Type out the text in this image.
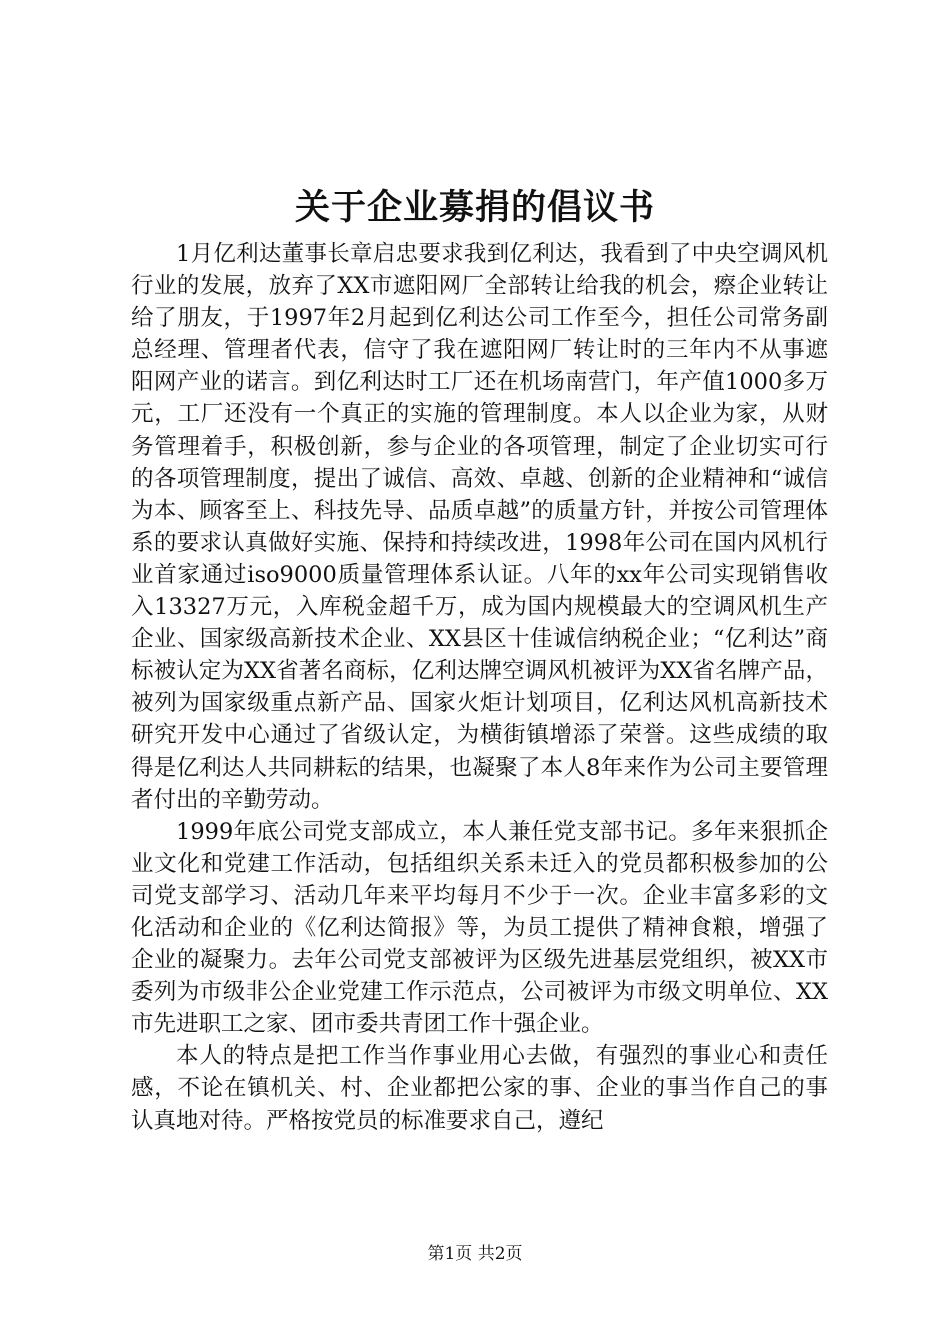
关于企业募捐的倡议书

1月亿利达董事长章启忠要求我到亿利达，我看到了中央空调风机行业的发展，放弃了XX市遮阳网厂全部转让给我的机会，瘵企业转让给了朋友，于1997年2月起到亿利达公司工作至今，担任公司常务副总经理、管理者代表，信守了我在遮阳网厂转让时的三年内不从事遮阳网产业的诺言。到亿利达时工厂还在机场南营门，年产值1000多万元，工厂还没有一个真正的实施的管理制度。本人以企业为家，从财务管理着手，积极创新，参与企业的各项管理，制定了企业切实可行的各项管理制度，提出了诚信、高效、卓越、创新的企业精神和“诚信为本、顾客至上、科技先导、品质卓越”的质量方针，并按公司管理体系的要求认真做好实施、保持和持续改进，1998年公司在国内风机行业首家通过iso9000质量管理体系认证。八年的xx年公司实现销售收入13327万元，入库税金超千万，成为国内规模最大的空调风机生产企业、国家级高新技术企业、XX县区十佳诚信纳税企业；“亿利达”商标被认定为XX省著名商标，亿利达牌空调风机被评为XX省名牌产品，被列为国家级重点新产品、国家火炬计划项目，亿利达风机高新技术研究开发中心通过了省级认定，为横街镇增添了荣誉。这些成绩的取得是亿利达人共同耕耘的结果，也凝聚了本人8年来作为公司主要管理者付出的辛勤劳动。

1999年底公司党支部成立，本人兼任党支部书记。多年来狠抓企业文化和党建工作活动，包括组织关系未迁入的党员都积极参加的公司党支部学习、活动几年来平均每月不少于一次。企业丰富多彩的文化活动和企业的《亿利达简报》等，为员工提供了精神食粮，增强了企业的凝聚力。去年公司党支部被评为区级先进基层党组织，被XX市委列为市级非公企业党建工作示范点，公司被评为市级文明单位、XX市先进职工之家、团市委共青团工作十强企业。

本人的特点是把工作当作事业用心去做，有强烈的事业心和责任感，不论在镇机关、村、企业都把公家的事、企业的事当作自己的事认真地对待。严格按党员的标准要求自己，遵纪

第1页 共2页
